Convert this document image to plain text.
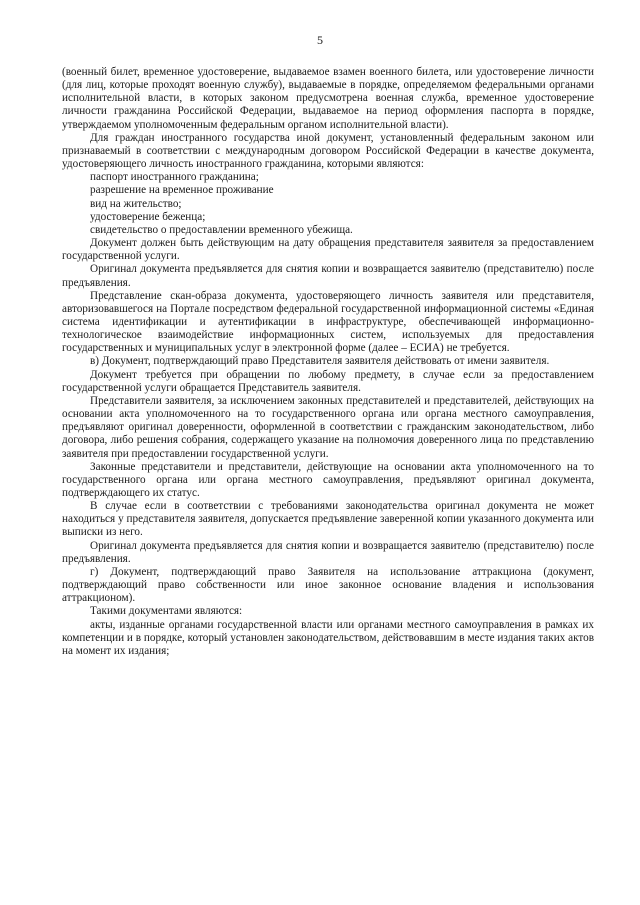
5

(военный билет, временное удостоверение, выдаваемое взамен военного билета, или удостоверение личности (для лиц, которые проходят военную службу), выдаваемые в порядке, определяемом федеральными органами исполнительной власти, в которых законом предусмотрена военная служба, временное удостоверение личности гражданина Российской Федерации, выдаваемое на период оформления паспорта в порядке, утверждаемом уполномоченным федеральным органом исполнительной власти).

Для граждан иностранного государства иной документ, установленный федеральным законом или признаваемый в соответствии с международным договором Российской Федерации в качестве документа, удостоверяющего личность иностранного гражданина, которыми являются:

паспорт иностранного гражданина;

разрешение на временное проживание

вид на жительство;

удостоверение беженца;

свидетельство о предоставлении временного убежища.

Документ должен быть действующим на дату обращения представителя заявителя за предоставлением государственной услуги.

Оригинал документа предъявляется для снятия копии и возвращается заявителю (представителю) после предъявления.

Представление скан-образа документа, удостоверяющего личность заявителя или представителя, авторизовавшегося на Портале посредством федеральной государственной информационной системы «Единая система идентификации и аутентификации в инфраструктуре, обеспечивающей информационно-технологическое взаимодействие информационных систем, используемых для предоставления государственных и муниципальных услуг в электронной форме (далее – ЕСИА) не требуется.

в) Документ, подтверждающий право Представителя заявителя действовать от имени заявителя.

Документ требуется при обращении по любому предмету, в случае если за предоставлением государственной услуги обращается Представитель заявителя.

Представители заявителя, за исключением законных представителей и представителей, действующих на основании акта уполномоченного на то государственного органа или органа местного самоуправления, предъявляют оригинал доверенности, оформленной в соответствии с гражданским законодательством, либо договора, либо решения собрания, содержащего указание на полномочия доверенного лица по представлению заявителя при предоставлении государственной услуги.

Законные представители и представители, действующие на основании акта уполномоченного на то государственного органа или органа местного самоуправления, предъявляют оригинал документа, подтверждающего их статус.

В случае если в соответствии с требованиями законодательства оригинал документа не может находиться у представителя заявителя, допускается предъявление заверенной копии указанного документа или выписки из него.

Оригинал документа предъявляется для снятия копии и возвращается заявителю (представителю) после предъявления.

г) Документ, подтверждающий право Заявителя на использование аттракциона (документ, подтверждающий право собственности или иное законное основание владения и использования аттракционом).

Такими документами являются:

акты, изданные органами государственной власти или органами местного самоуправления в рамках их компетенции и в порядке, который установлен законодательством, действовавшим в месте издания таких актов на момент их издания;
